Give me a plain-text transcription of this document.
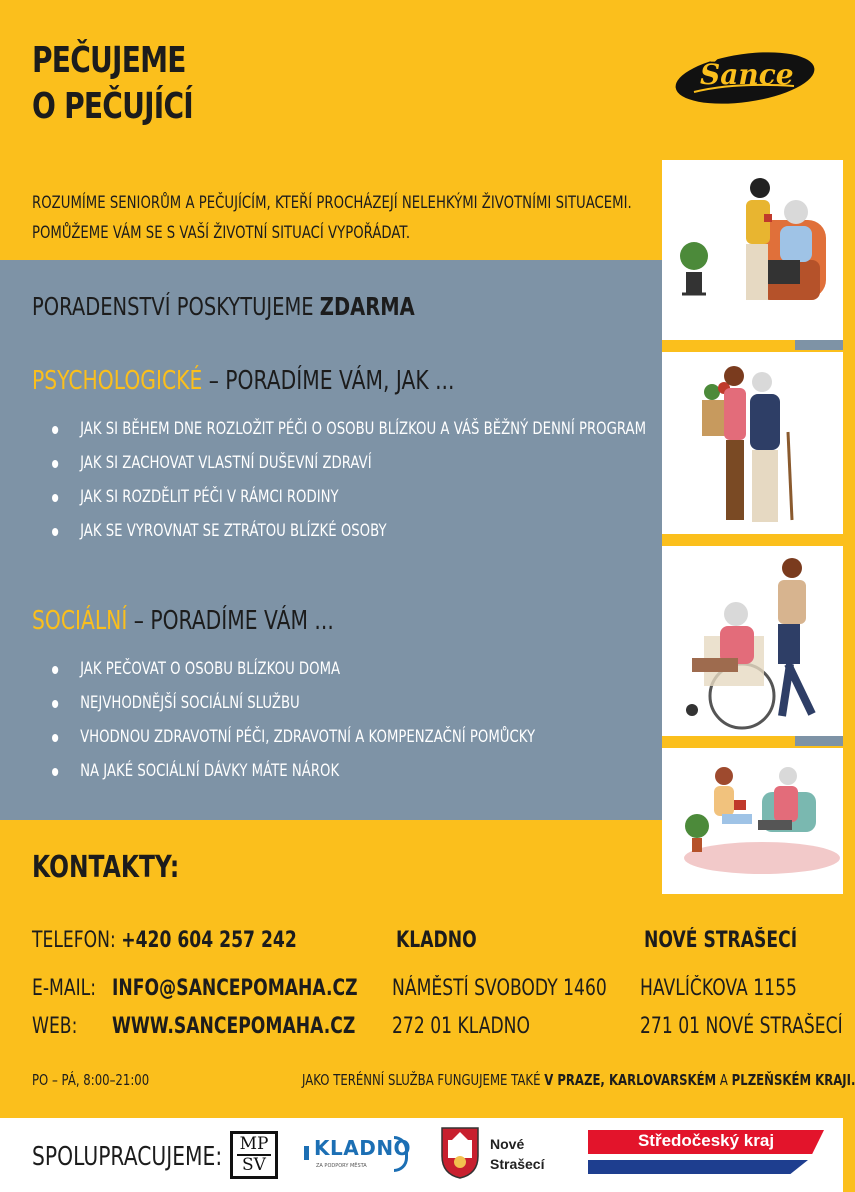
PEČUJEME
O PEČUJÍCÍ
Šance
ROZUMÍME SENIORŮM A PEČUJÍCÍM, KTEŘÍ PROCHÁZEJÍ NELEHKÝMI ŽIVOTNÍMI SITUACEMI.
POMŮŽEME VÁM SE S VAŠÍ ŽIVOTNÍ SITUACÍ VYPOŘÁDAT.
PORADENSTVÍ POSKYTUJEME ZDARMA
PSYCHOLOGICKÉ – PORADÍME VÁM, JAK ...
JAK SI BĚHEM DNE ROZLOŽIT PÉČI O OSOBU BLÍZKOU A VÁŠ BĚŽNÝ DENNÍ PROGRAM
JAK SI ZACHOVAT VLASTNÍ DUŠEVNÍ ZDRAVÍ
JAK SI ROZDĚLIT PÉČI V RÁMCI RODINY
JAK SE VYROVNAT SE ZTRÁTOU BLÍZKÉ OSOBY
SOCIÁLNÍ – PORADÍME VÁM ...
JAK PEČOVAT O OSOBU BLÍZKOU DOMA
NEJVHODNĚJŠÍ SOCIÁLNÍ SLUŽBU
VHODNOU ZDRAVOTNÍ PÉČI, ZDRAVOTNÍ A KOMPENZAČNÍ POMŮCKY
NA JAKÉ SOCIÁLNÍ DÁVKY MÁTE NÁROK
KONTAKTY:
TELEFON: +420 604 257 242
E-MAIL: INFO@SANCEPOMAHA.CZ
WEB: WWW.SANCEPOMAHA.CZ
KLADNO
NÁMĚSTÍ SVOBODY 1460
272 01 KLADNO
NOVÉ STRAŠECÍ
HAVLÍČKOVA 1155
271 01 NOVÉ STRAŠECÍ
PO – PÁ, 8:00–21:00	JAKO TERÉNNÍ SLUŽBA FUNGUJEME TAKÉ V PRAZE, KARLOVARSKÉM A PLZEŇSKÉM KRAJI.
SPOLUPRACUJEME:	MP
SV
KLADNO
ZA PODPORY MĚSTA
Nové
Strašecí
Středočeský kraj
